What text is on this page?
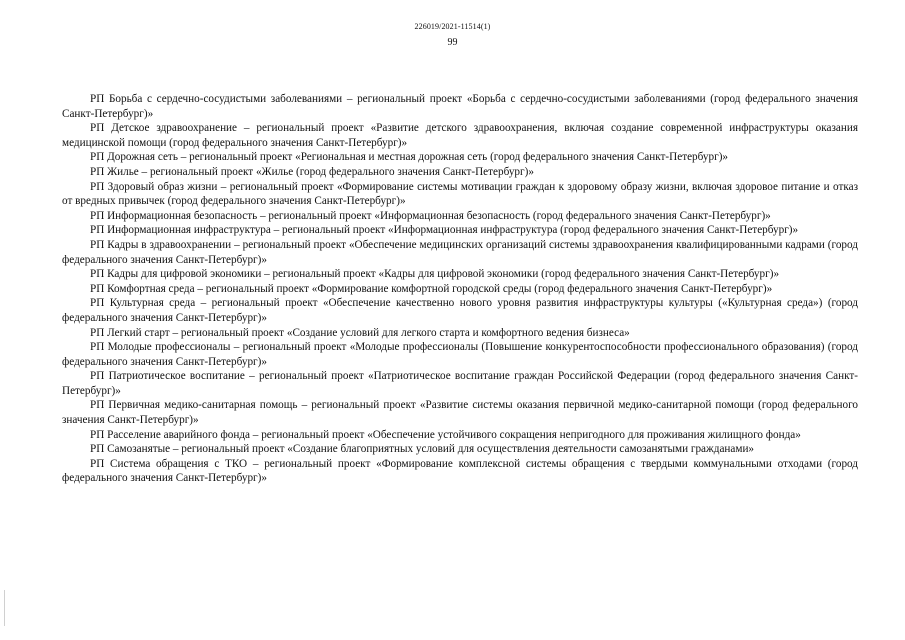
226019/2021-11514(1)
99

РП Борьба с сердечно-сосудистыми заболеваниями – региональный проект «Борьба с сердечно-сосудистыми заболеваниями (город федерального значения Санкт-Петербург)»

РП Детское здравоохранение – региональный проект «Развитие детского здравоохранения, включая создание современной инфраструктуры оказания медицинской помощи (город федерального значения Санкт-Петербург)»

РП Дорожная сеть – региональный проект «Региональная и местная дорожная сеть (город федерального значения Санкт-Петербург)»

РП Жилье – региональный проект «Жилье (город федерального значения Санкт-Петербург)»

РП Здоровый образ жизни – региональный проект «Формирование системы мотивации граждан к здоровому образу жизни, включая здоровое питание и отказ от вредных привычек (город федерального значения Санкт-Петербург)»

РП Информационная безопасность – региональный проект «Информационная безопасность (город федерального значения Санкт-Петербург)»

РП Информационная инфраструктура – региональный проект «Информационная инфраструктура (город федерального значения Санкт-Петербург)»

РП Кадры в здравоохранении – региональный проект «Обеспечение медицинских организаций системы здравоохранения квалифицированными кадрами (город федерального значения Санкт-Петербург)»

РП Кадры для цифровой экономики – региональный проект «Кадры для цифровой экономики (город федерального значения Санкт-Петербург)»

РП Комфортная среда – региональный проект «Формирование комфортной городской среды (город федерального значения Санкт-Петербург)»

РП Культурная среда – региональный проект «Обеспечение качественно нового уровня развития инфраструктуры культуры («Культурная среда») (город федерального значения Санкт-Петербург)»

РП Легкий старт – региональный проект «Создание условий для легкого старта и комфортного ведения бизнеса»

РП Молодые профессионалы – региональный проект «Молодые профессионалы (Повышение конкурентоспособности профессионального образования) (город федерального значения Санкт-Петербург)»

РП Патриотическое воспитание – региональный проект «Патриотическое воспитание граждан Российской Федерации (город федерального значения Санкт-Петербург)»

РП Первичная медико-санитарная помощь – региональный проект «Развитие системы оказания первичной медико-санитарной помощи (город федерального значения Санкт-Петербург)»

РП Расселение аварийного фонда – региональный проект «Обеспечение устойчивого сокращения непригодного для проживания жилищного фонда»

РП Самозанятые – региональный проект «Создание благоприятных условий для осуществления деятельности самозанятыми гражданами»

РП Система обращения с ТКО – региональный проект «Формирование комплексной системы обращения с твердыми коммунальными отходами (город федерального значения Санкт-Петербург)»
